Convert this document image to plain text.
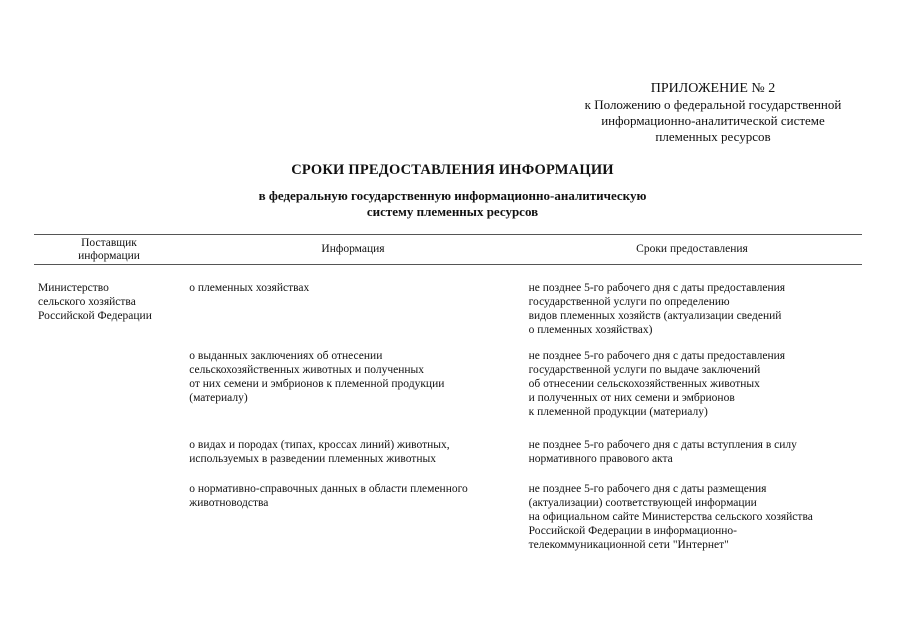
ПРИЛОЖЕНИЕ № 2
к Положению о федеральной государственной
информационно-аналитической системе
племенных ресурсов
СРОКИ ПРЕДОСТАВЛЕНИЯ ИНФОРМАЦИИ
в федеральную государственную информационно-аналитическую
систему племенных ресурсов
Поставщик
информации
Информация	Сроки предоставления
Министерство
сельского хозяйства
Российской Федерации
о племенных хозяйствах	не позднее 5-го рабочего дня с даты предоставления
государственной услуги по определению
видов племенных хозяйств (актуализации сведений
о племенных хозяйствах)
о выданных заключениях об отнесении
сельскохозяйственных животных и полученных
от них семени и эмбрионов к племенной продукции
(материалу)
не позднее 5-го рабочего дня с даты предоставления
государственной услуги по выдаче заключений
об отнесении сельскохозяйственных животных
и полученных от них семени и эмбрионов
к племенной продукции (материалу)
о видах и породах (типах, кроссах линий) животных,
используемых в разведении племенных животных
не позднее 5-го рабочего дня с даты вступления в силу
нормативного правового акта
о нормативно-справочных данных в области племенного
животноводства
не позднее 5-го рабочего дня с даты размещения
(актуализации) соответствующей информации
на официальном сайте Министерства сельского хозяйства
Российской Федерации в информационно-
телекоммуникационной сети "Интернет"
